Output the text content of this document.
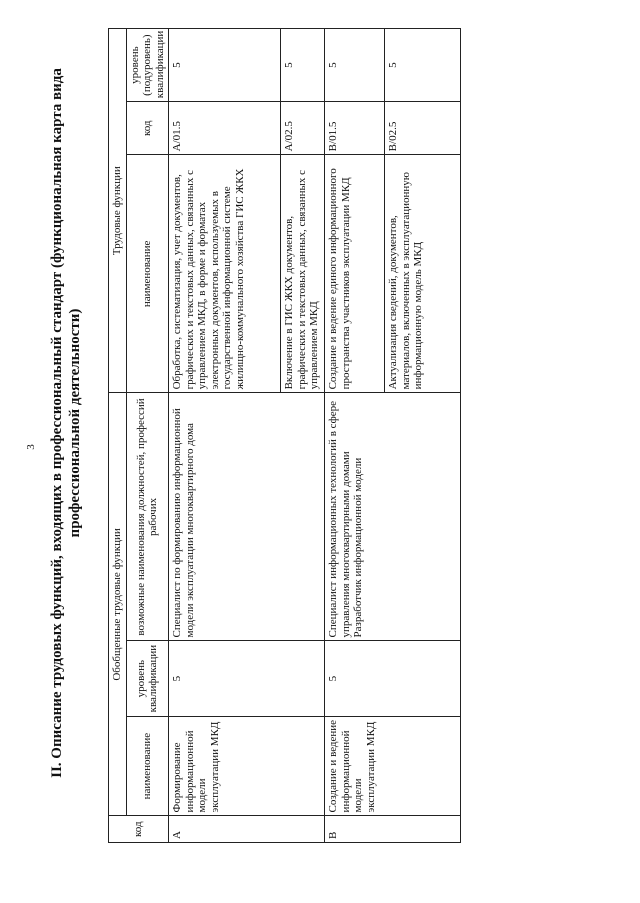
3 II. Описание трудовых функций, входящих в профессиональный стандарт (функциональная карта вида профессиональной деятельности)
код	Обобщенные трудовые функции			Трудовые функции		
	наименование	уровень квалификации	возможные наименования должностей, профессий рабочих	наименование	код	уровень (подуровень) квалификации
A	Формирование информационной модели эксплуатации МКД	5	Специалист по формированию информационной модели эксплуатации многоквартирного дома	Обработка, систематизация, учет документов, графических и текстовых данных, связанных с управлением МКД, в форме и форматах электронных документов, используемых в государственной информационной системе жилищно-коммунального хозяйства ГИС ЖКХ	A/01.5	5
				Включение в ГИС ЖКХ документов, графических и текстовых данных, связанных с управлением МКД	A/02.5	5
B	Создание и ведение информационной модели эксплуатации МКД	5	Специалист информационных технологий в сфере управления многоквартирными домами Разработчик информационной модели	Создание и ведение единого информационного пространства участников эксплуатации МКД	B/01.5	5
				Актуализация сведений, документов, материалов, включенных в эксплуатационную информационную модель МКД	B/02.5	5
